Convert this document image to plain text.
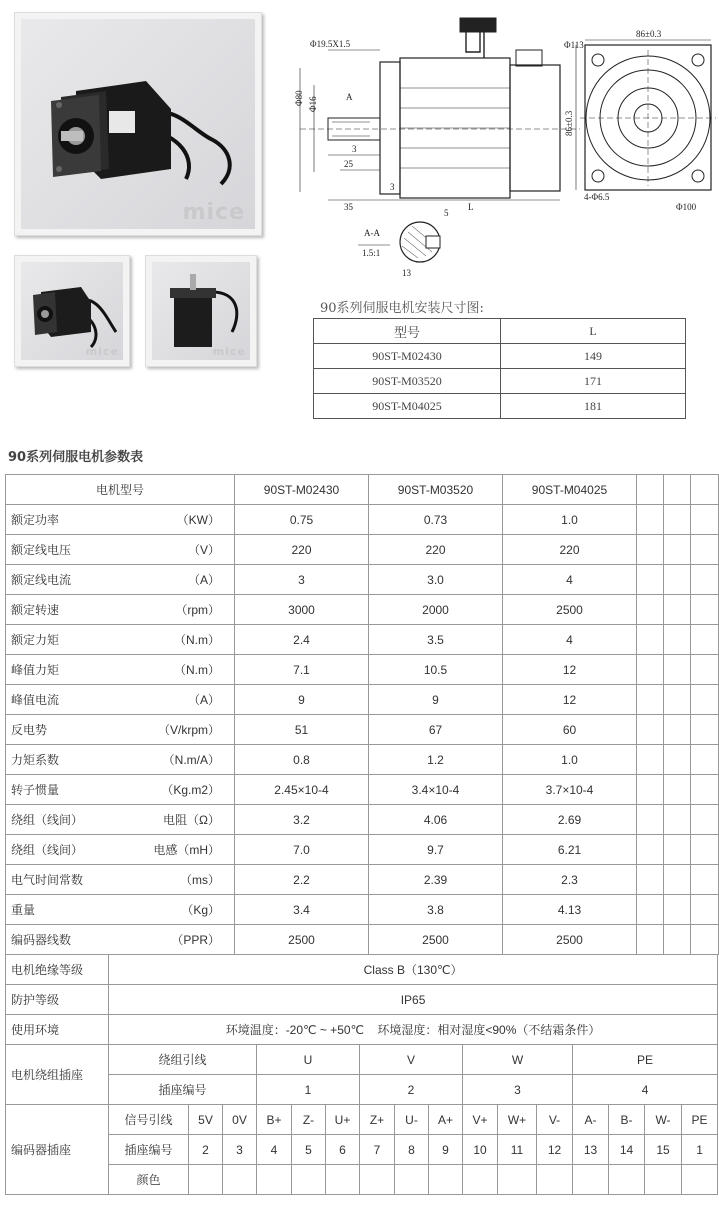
mice
mice	mice
Φ19.5X1.5
Φ80 Φ16	A
3
25
35
3
L
A-A
1.5:1
5
13
Φ113
86±0.3
86±0.3
4-Φ6.5
Φ100
90系列伺服电机安装尺寸图:
型号	L
90ST-M02430	149
90ST-M03520	171
90ST-M04025	181
90系列伺服电机参数表
电机型号	90ST-M02430	90ST-M03520	90ST-M04025			

额定功率 （KW）	0.75	0.73	1.0			

额定线电压 （V）	220	220	220			

额定线电流 （A）	3	3.0	4			

额定转速 （rpm）	3000	2000	2500			

额定力矩 （N.m）	2.4	3.5	4			

峰值力矩 （N.m）	7.1	10.5	12			

峰值电流 （A）	9	9	12			

反电势 （V/krpm）	51	67	60			

力矩系数 （N.m/A）	0.8	1.2	1.0			

转子惯量 （Kg.m2）	2.45×10-4	3.4×10-4	3.7×10-4			

绕组（线间） 电阻（Ω）	3.2	4.06	2.69			

绕组（线间） 电感（mH）	7.0	9.7	6.21			

电气时间常数 （ms）	2.2	2.39	2.3			

重量 （Kg）	3.4	3.8	4.13			

编码器线数 （PPR）	2500	2500	2500			
电机绝缘等级	Class B（130℃）															
防护等级	IP65															
使用环境	环境温度：-20℃ ~ +50℃    环境湿度：相对湿度<90%（不结霜条件）															
电机绕组插座	绕组引线			U			V			W			PE			
	插座编号			1			2			3			4			
编码器插座	信号引线	5V	0V	B+	Z-	U+	Z+	U-	A+	V+	W+	V-	A-	B-	W-	PE
	插座编号	2	3	4	5	6	7	8	9	10	11	12	13	14	15	1
	颜色															
